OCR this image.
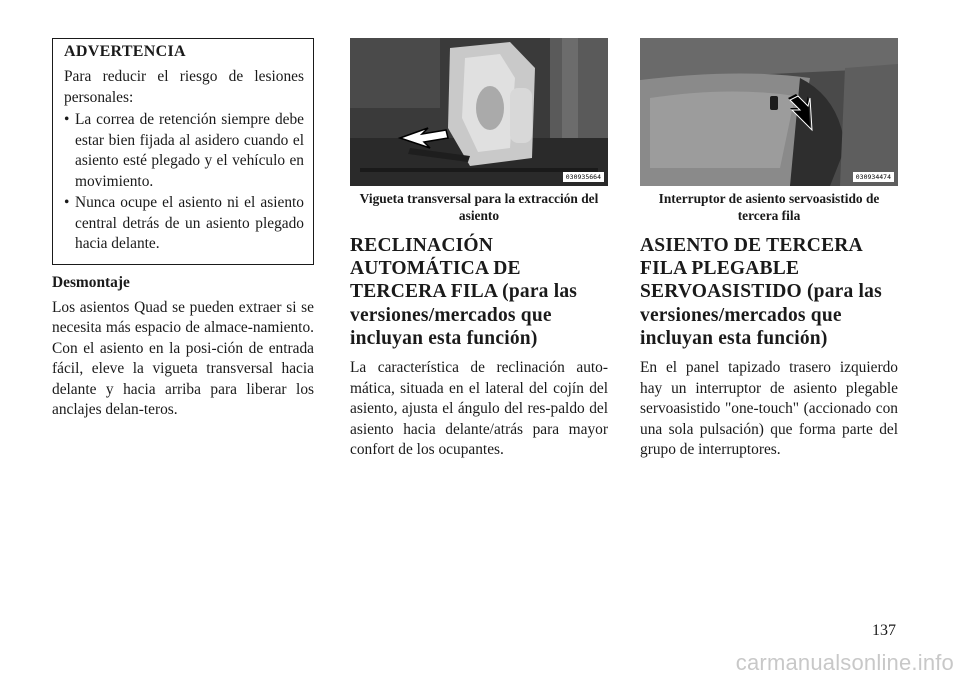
ADVERTENCIA

Para reducir el riesgo de lesiones personales:

• La correa de retención siempre debe estar bien fijada al asidero cuando el asiento esté plegado y el vehículo en movimiento.
• Nunca ocupe el asiento ni el asiento central detrás de un asiento plegado hacia delante.
Desmontaje

Los asientos Quad se pueden extraer si se necesita más espacio de almace-namiento. Con el asiento en la posi-ción de entrada fácil, eleve la vigueta transversal hacia delante y hacia arriba para liberar los anclajes delan-teros.

030935664

Vigueta transversal para la extracción del asiento

RECLINACIÓN AUTOMÁTICA DE TERCERA FILA (para las versiones/mercados que incluyan esta función)

La característica de reclinación auto-mática, situada en el lateral del cojín del asiento, ajusta el ángulo del res-paldo del asiento hacia delante/atrás para mayor confort de los ocupantes.

030934474

Interruptor de asiento servoasistido de tercera fila

ASIENTO DE TERCERA FILA PLEGABLE SERVOASISTIDO (para las versiones/mercados que incluyan esta función)

En el panel tapizado trasero izquierdo hay un interruptor de asiento plegable servoasistido "one-touch" (accionado con una sola pulsación) que forma parte del grupo de interruptores.

137
carmanualsonline.info
